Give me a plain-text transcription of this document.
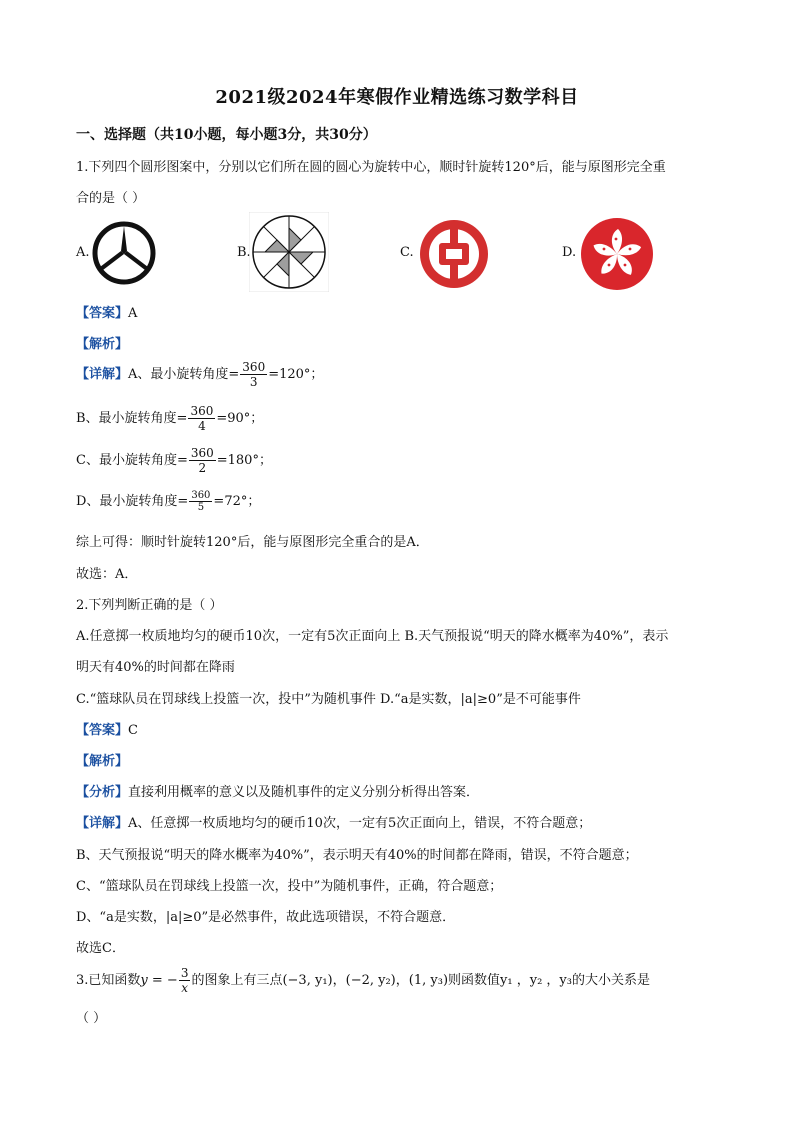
2021级2024年寒假作业精选练习数学科目
一、选择题（共10小题，每小题3分，共30分）
1.下列四个圆形图案中，分别以它们所在圆的圆心为旋转中心，顺时针旋转120°后，能与原图形完全重
合的是（ ）
A.	B.	C.	D.
【答案】A
【解析】
【详解】A、最小旋转角度= $\frac{360}{3} =120^\circ$；
B、最小旋转角度= $\frac{360}{4} =90^\circ$；
C、最小旋转角度= $\frac{360}{2} =180^\circ$；
D、最小旋转角度= $\frac{360}{5} =72^\circ$；
综上可得：顺时针旋转120°后，能与原图形完全重合的是A．
故选：A．
2.下列判断正确的是（ ）
A.任意掷一枚质地均匀的硬币10次，一定有5次正面向上 B.天气预报说“明天的降水概率为40%”，表示
明天有40%的时间都在降雨
C.“篮球队员在罚球线上投篮一次，投中”为随机事件 D.“a是实数，|a|≥0”是不可能事件
【答案】C
【解析】
【分析】直接利用概率的意义以及随机事件的定义分别分析得出答案．
【详解】A、任意掷一枚质地均匀的硬币10次，一定有5次正面向上，错误，不符合题意；
B、天气预报说“明天的降水概率为40%”，表示明天有40%的时间都在降雨，错误，不符合题意；
C、“篮球队员在罚球线上投篮一次，投中”为随机事件，正确，符合题意；
D、“a是实数，|a|≥0”是必然事件，故此选项错误，不符合题意．
故选C．
3.已知函数y = − $\frac{3}{x}$ 的图象上有三点(−3, y₁)，(−2, y₂)，(1, y₃)则函数值y₁ ，y₂ ，y₃的大小关系是
（ ）
